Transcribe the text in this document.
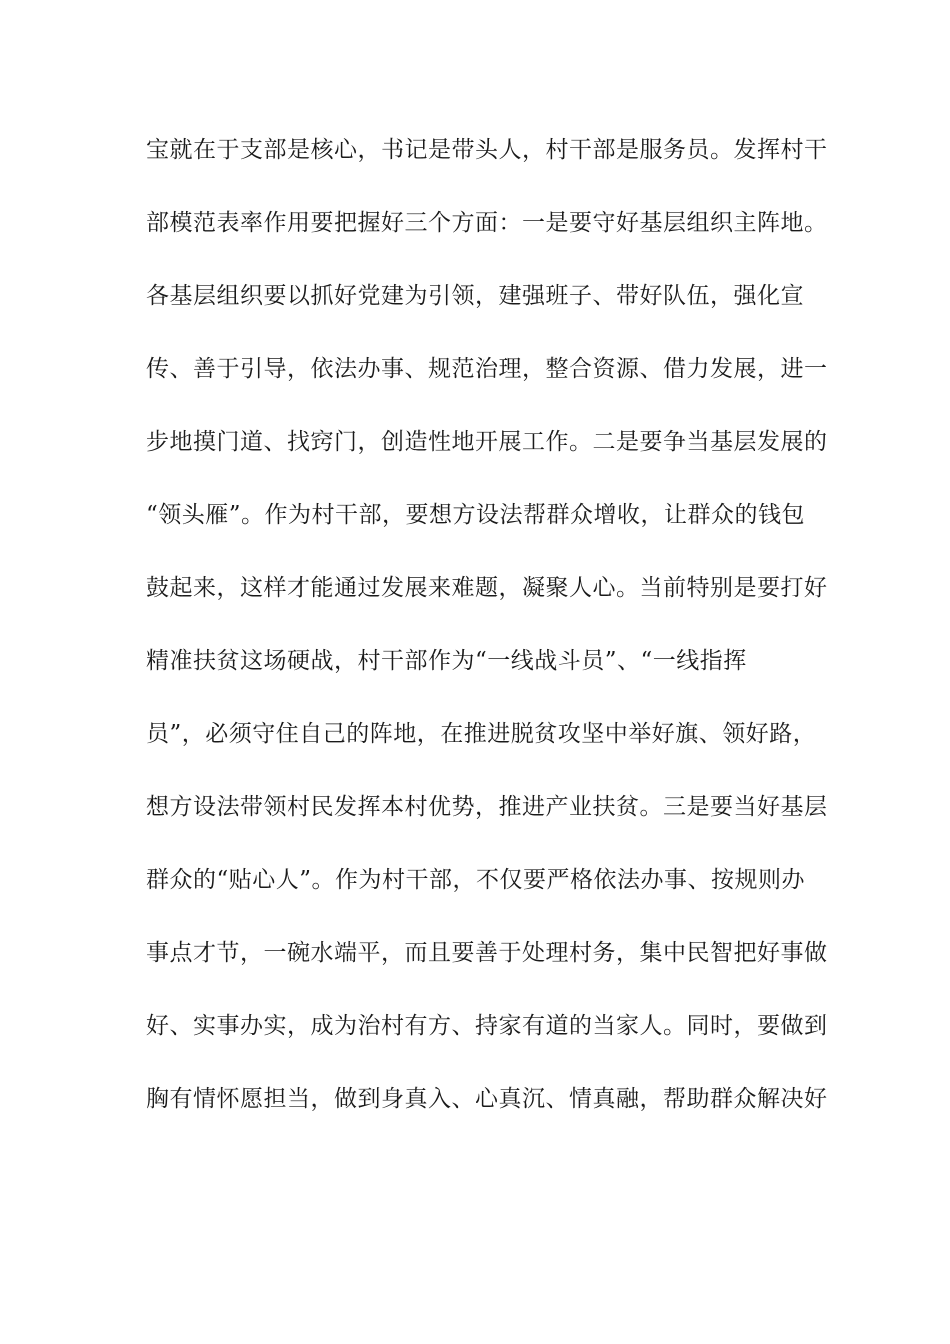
宝就在于支部是核心，书记是带头人，村干部是服务员。发挥村干
部模范表率作用要把握好三个方面：一是要守好基层组织主阵地。
各基层组织要以抓好党建为引领，建强班子、带好队伍，强化宣
传、善于引导，依法办事、规范治理，整合资源、借力发展，进一
步地摸门道、找窍门，创造性地开展工作。二是要争当基层发展的
“领头雁”。作为村干部，要想方设法帮群众增收，让群众的钱包
鼓起来，这样才能通过发展来难题，凝聚人心。当前特别是要打好
精准扶贫这场硬战，村干部作为“一线战斗员”、“一线指挥
员”，必须守住自己的阵地，在推进脱贫攻坚中举好旗、领好路，
想方设法带领村民发挥本村优势，推进产业扶贫。三是要当好基层
群众的“贴心人”。作为村干部，不仅要严格依法办事、按规则办
事点才节，一碗水端平，而且要善于处理村务，集中民智把好事做
好、实事办实，成为治村有方、持家有道的当家人。同时，要做到
胸有情怀愿担当，做到身真入、心真沉、情真融，帮助群众解决好
